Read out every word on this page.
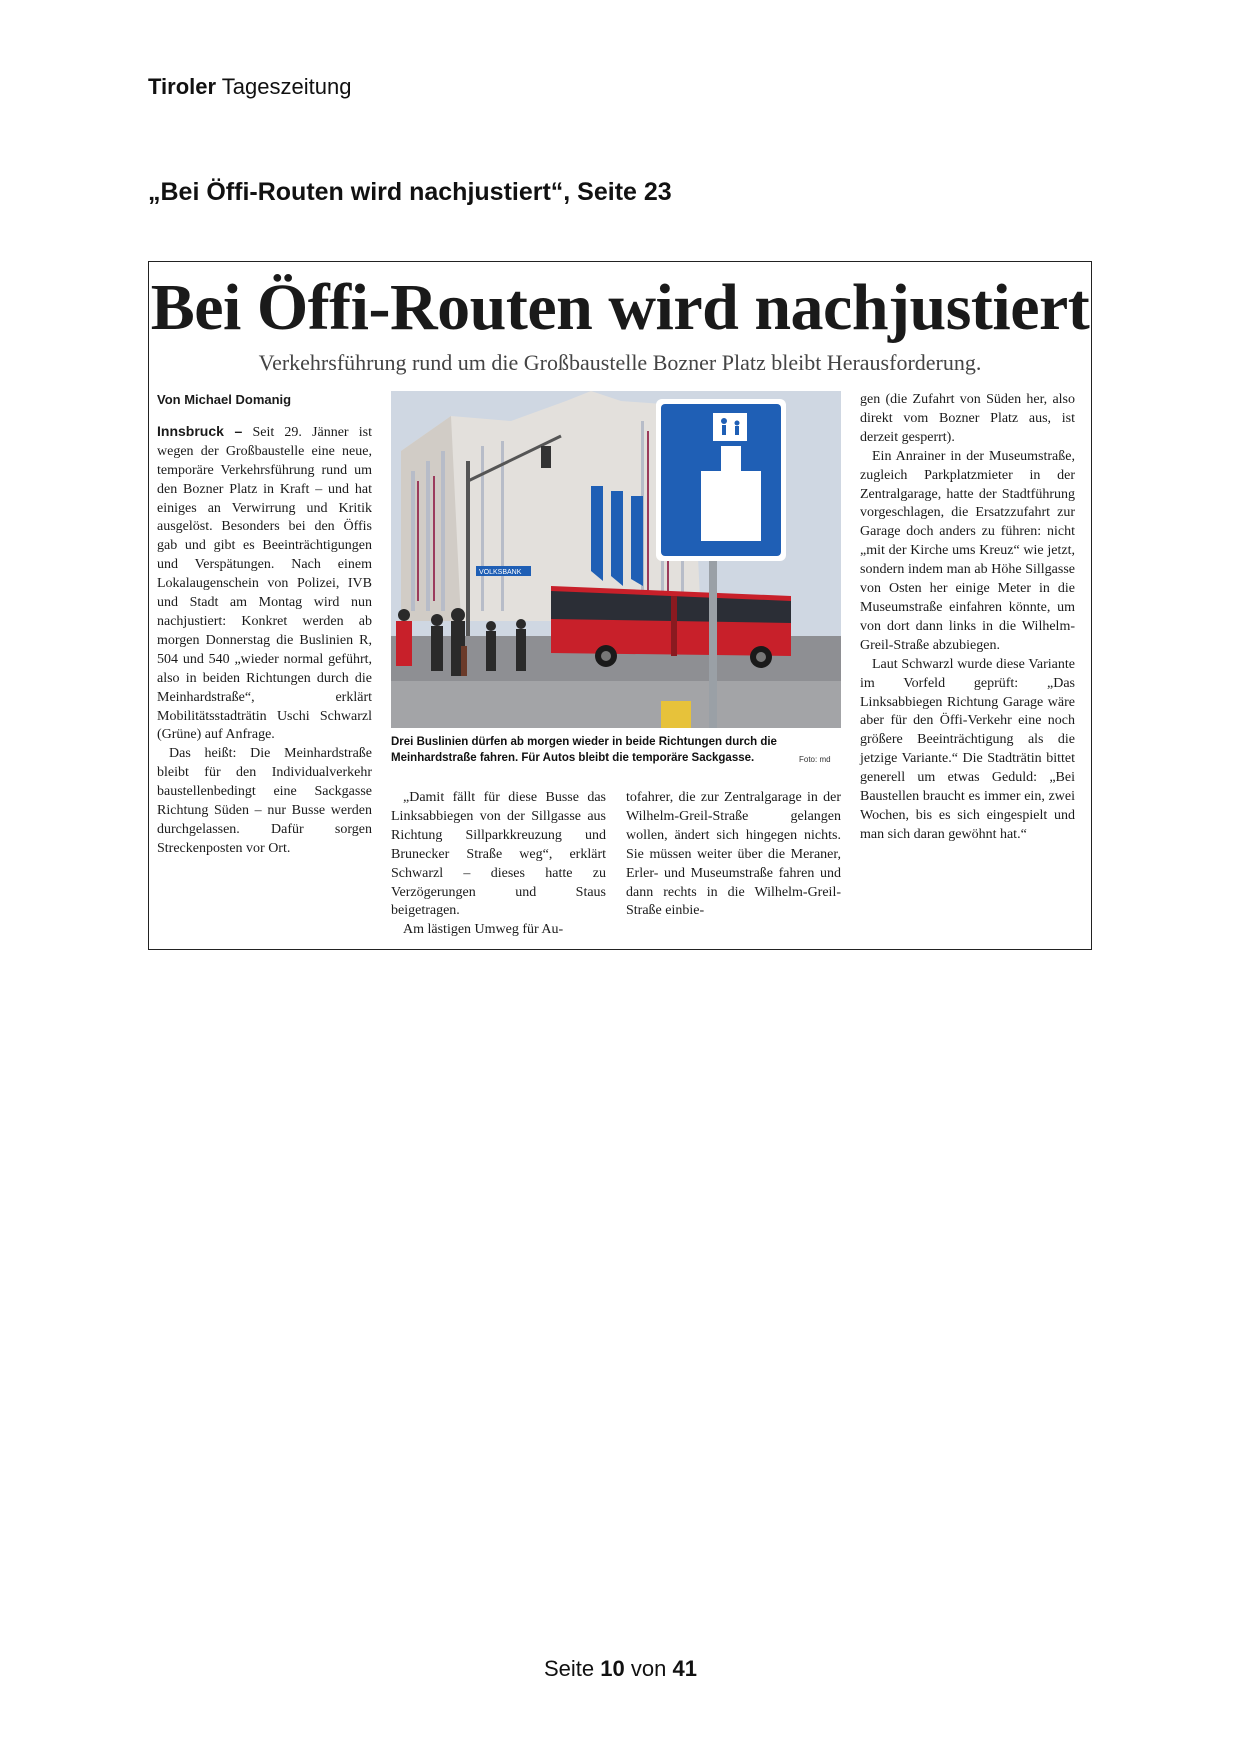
Tiroler Tageszeitung
„Bei Öffi-Routen wird nachjustiert“, Seite 23
Bei Öffi-Routen wird nachjustiert
Verkehrsführung rund um die Großbaustelle Bozner Platz bleibt Herausforderung.
Von Michael Domanig

Innsbruck – Seit 29. Jänner ist wegen der Großbaustelle eine neue, temporäre Verkehrsführung rund um den Bozner Platz in Kraft – und hat einiges an Verwirrung und Kritik ausgelöst. Besonders bei den Öffis gab und gibt es Beeinträchtigungen und Verspätungen. Nach einem Lokalaugenschein von Polizei, IVB und Stadt am Montag wird nun nachjustiert: Konkret werden ab morgen Donnerstag die Buslinien R, 504 und 540 „wieder normal geführt, also in beiden Richtungen durch die Meinhardstraße“, erklärt Mobilitätsstadträtin Uschi Schwarzl (Grüne) auf Anfrage.

Das heißt: Die Meinhardstraße bleibt für den Individualverkehr baustellenbedingt eine Sackgasse Richtung Süden – nur Busse werden durchgelassen. Dafür sorgen Streckenposten vor Ort.

VOLKSBANK
Drei Buslinien dürfen ab morgen wieder in beide Richtungen durch die Meinhardstraße fahren. Für Autos bleibt die temporäre Sackgasse.	Foto: md

„Damit fällt für diese Busse das Linksabbiegen von der Sillgasse aus Richtung Sillparkkreuzung und Brunecker Straße weg“, erklärt Schwarzl – dieses hatte zu Verzögerungen und Staus beigetragen.

Am lästigen Umweg für Au-

tofahrer, die zur Zentralgarage in der Wilhelm-Greil-Straße gelangen wollen, ändert sich hingegen nichts. Sie müssen weiter über die Meraner, Erler- und Museumstraße fahren und dann rechts in die Wilhelm-Greil-Straße einbie-

gen (die Zufahrt von Süden her, also direkt vom Bozner Platz aus, ist derzeit gesperrt).

Ein Anrainer in der Museumstraße, zugleich Parkplatzmieter in der Zentralgarage, hatte der Stadtführung vorgeschlagen, die Ersatzzufahrt zur Garage doch anders zu führen: nicht „mit der Kirche ums Kreuz“ wie jetzt, sondern indem man ab Höhe Sillgasse von Osten her einige Meter in die Museumstraße einfahren könnte, um von dort dann links in die Wilhelm-Greil-Straße abzubiegen.

Laut Schwarzl wurde diese Variante im Vorfeld geprüft: „Das Linksabbiegen Richtung Garage wäre aber für den Öffi-Verkehr eine noch größere Beeinträchtigung als die jetzige Variante.“ Die Stadträtin bittet generell um etwas Geduld: „Bei Baustellen braucht es immer ein, zwei Wochen, bis es sich eingespielt und man sich daran gewöhnt hat.“

Seite 10 von 41
